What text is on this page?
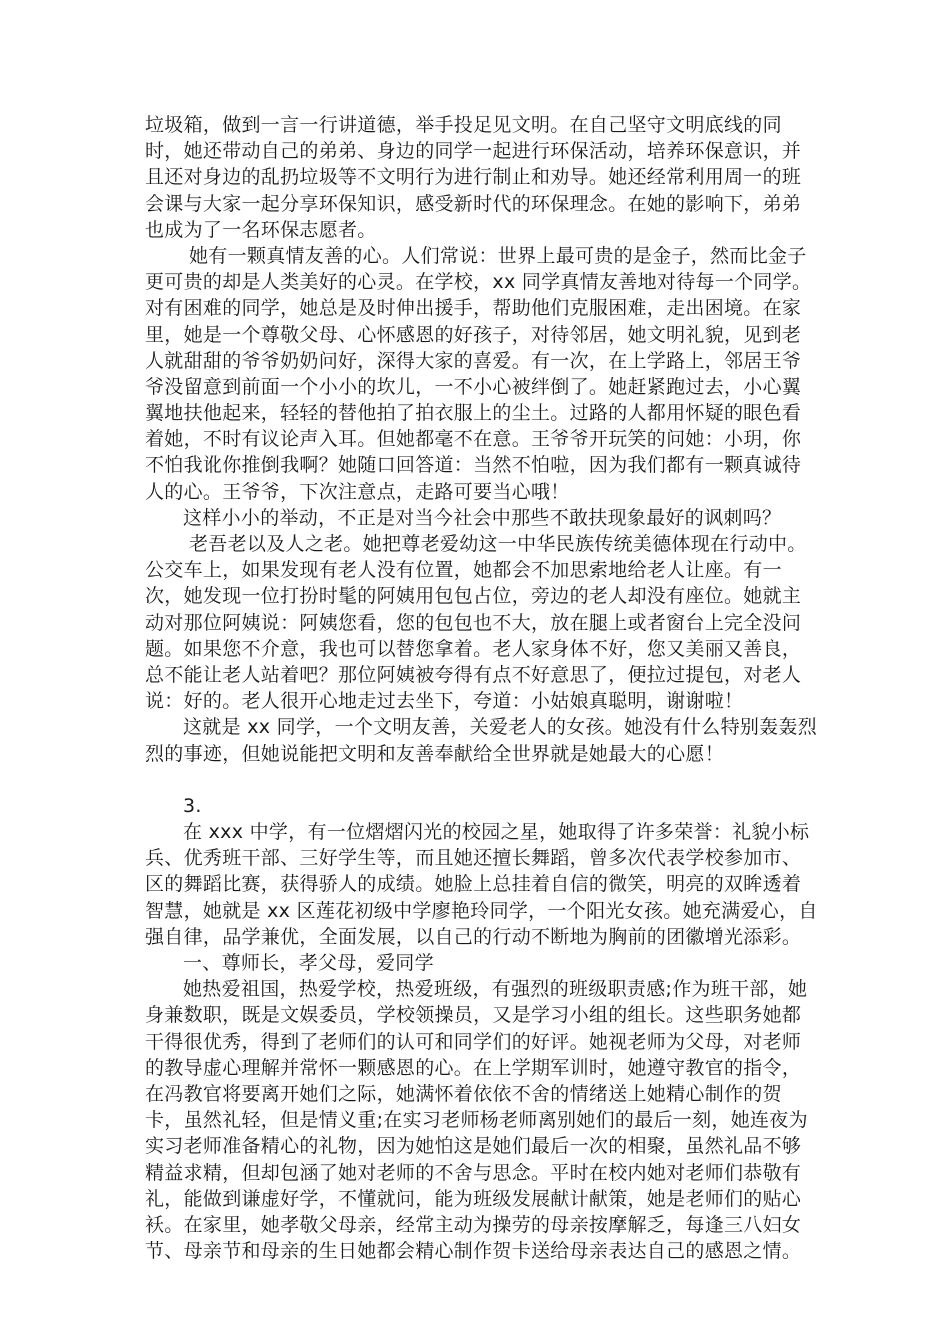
垃圾箱，做到一言一行讲道德，举手投足见文明。在自己坚守文明底线的同
时，她还带动自己的弟弟、身边的同学一起进行环保活动，培养环保意识，并
且还对身边的乱扔垃圾等不文明行为进行制止和劝导。她还经常利用周一的班
会课与大家一起分享环保知识，感受新时代的环保理念。在她的影响下，弟弟
也成为了一名环保志愿者。
她有一颗真情友善的心。人们常说：世界上最可贵的是金子，然而比金子
更可贵的却是人类美好的心灵。在学校，xx 同学真情友善地对待每一个同学。
对有困难的同学，她总是及时伸出援手，帮助他们克服困难，走出困境。在家
里，她是一个尊敬父母、心怀感恩的好孩子，对待邻居，她文明礼貌，见到老
人就甜甜的爷爷奶奶问好，深得大家的喜爱。有一次，在上学路上，邻居王爷
爷没留意到前面一个小小的坎儿，一不小心被绊倒了。她赶紧跑过去，小心翼
翼地扶他起来，轻轻的替他拍了拍衣服上的尘土。过路的人都用怀疑的眼色看
着她，不时有议论声入耳。但她都毫不在意。王爷爷开玩笑的问她：小玥，你
不怕我讹你推倒我啊？她随口回答道：当然不怕啦，因为我们都有一颗真诚待
人的心。王爷爷，下次注意点，走路可要当心哦！
这样小小的举动，不正是对当今社会中那些不敢扶现象最好的讽刺吗？
老吾老以及人之老。她把尊老爱幼这一中华民族传统美德体现在行动中。
公交车上，如果发现有老人没有位置，她都会不加思索地给老人让座。有一
次，她发现一位打扮时髦的阿姨用包包占位，旁边的老人却没有座位。她就主
动对那位阿姨说：阿姨您看，您的包包也不大，放在腿上或者窗台上完全没问
题。如果您不介意，我也可以替您拿着。老人家身体不好，您又美丽又善良，
总不能让老人站着吧？那位阿姨被夸得有点不好意思了，便拉过提包，对老人
说：好的。老人很开心地走过去坐下，夸道：小姑娘真聪明，谢谢啦！
这就是 xx 同学，一个文明友善，关爱老人的女孩。她没有什么特别轰轰烈
烈的事迹，但她说能把文明和友善奉献给全世界就是她最大的心愿！
3.
在 xxx 中学，有一位熠熠闪光的校园之星，她取得了许多荣誉：礼貌小标
兵、优秀班干部、三好学生等，而且她还擅长舞蹈，曾多次代表学校参加市、
区的舞蹈比赛，获得骄人的成绩。她脸上总挂着自信的微笑，明亮的双眸透着
智慧，她就是 xx 区莲花初级中学廖艳玲同学，一个阳光女孩。她充满爱心，自
强自律，品学兼优，全面发展，以自己的行动不断地为胸前的团徽增光添彩。
一、尊师长，孝父母，爱同学
她热爱祖国，热爱学校，热爱班级，有强烈的班级职责感;作为班干部，她
身兼数职，既是文娱委员，学校领操员，又是学习小组的组长。这些职务她都
干得很优秀，得到了老师们的认可和同学们的好评。她视老师为父母，对老师
的教导虚心理解并常怀一颗感恩的心。在上学期军训时，她遵守教官的指令，
在冯教官将要离开她们之际，她满怀着依依不舍的情绪送上她精心制作的贺
卡，虽然礼轻，但是情义重;在实习老师杨老师离别她们的最后一刻，她连夜为
实习老师准备精心的礼物，因为她怕这是她们最后一次的相聚，虽然礼品不够
精益求精，但却包涵了她对老师的不舍与思念。平时在校内她对老师们恭敬有
礼，能做到谦虚好学，不懂就问，能为班级发展献计献策，她是老师们的贴心
袄。在家里，她孝敬父母亲，经常主动为操劳的母亲按摩解乏，每逢三八妇女
节、母亲节和母亲的生日她都会精心制作贺卡送给母亲表达自己的感恩之情。
